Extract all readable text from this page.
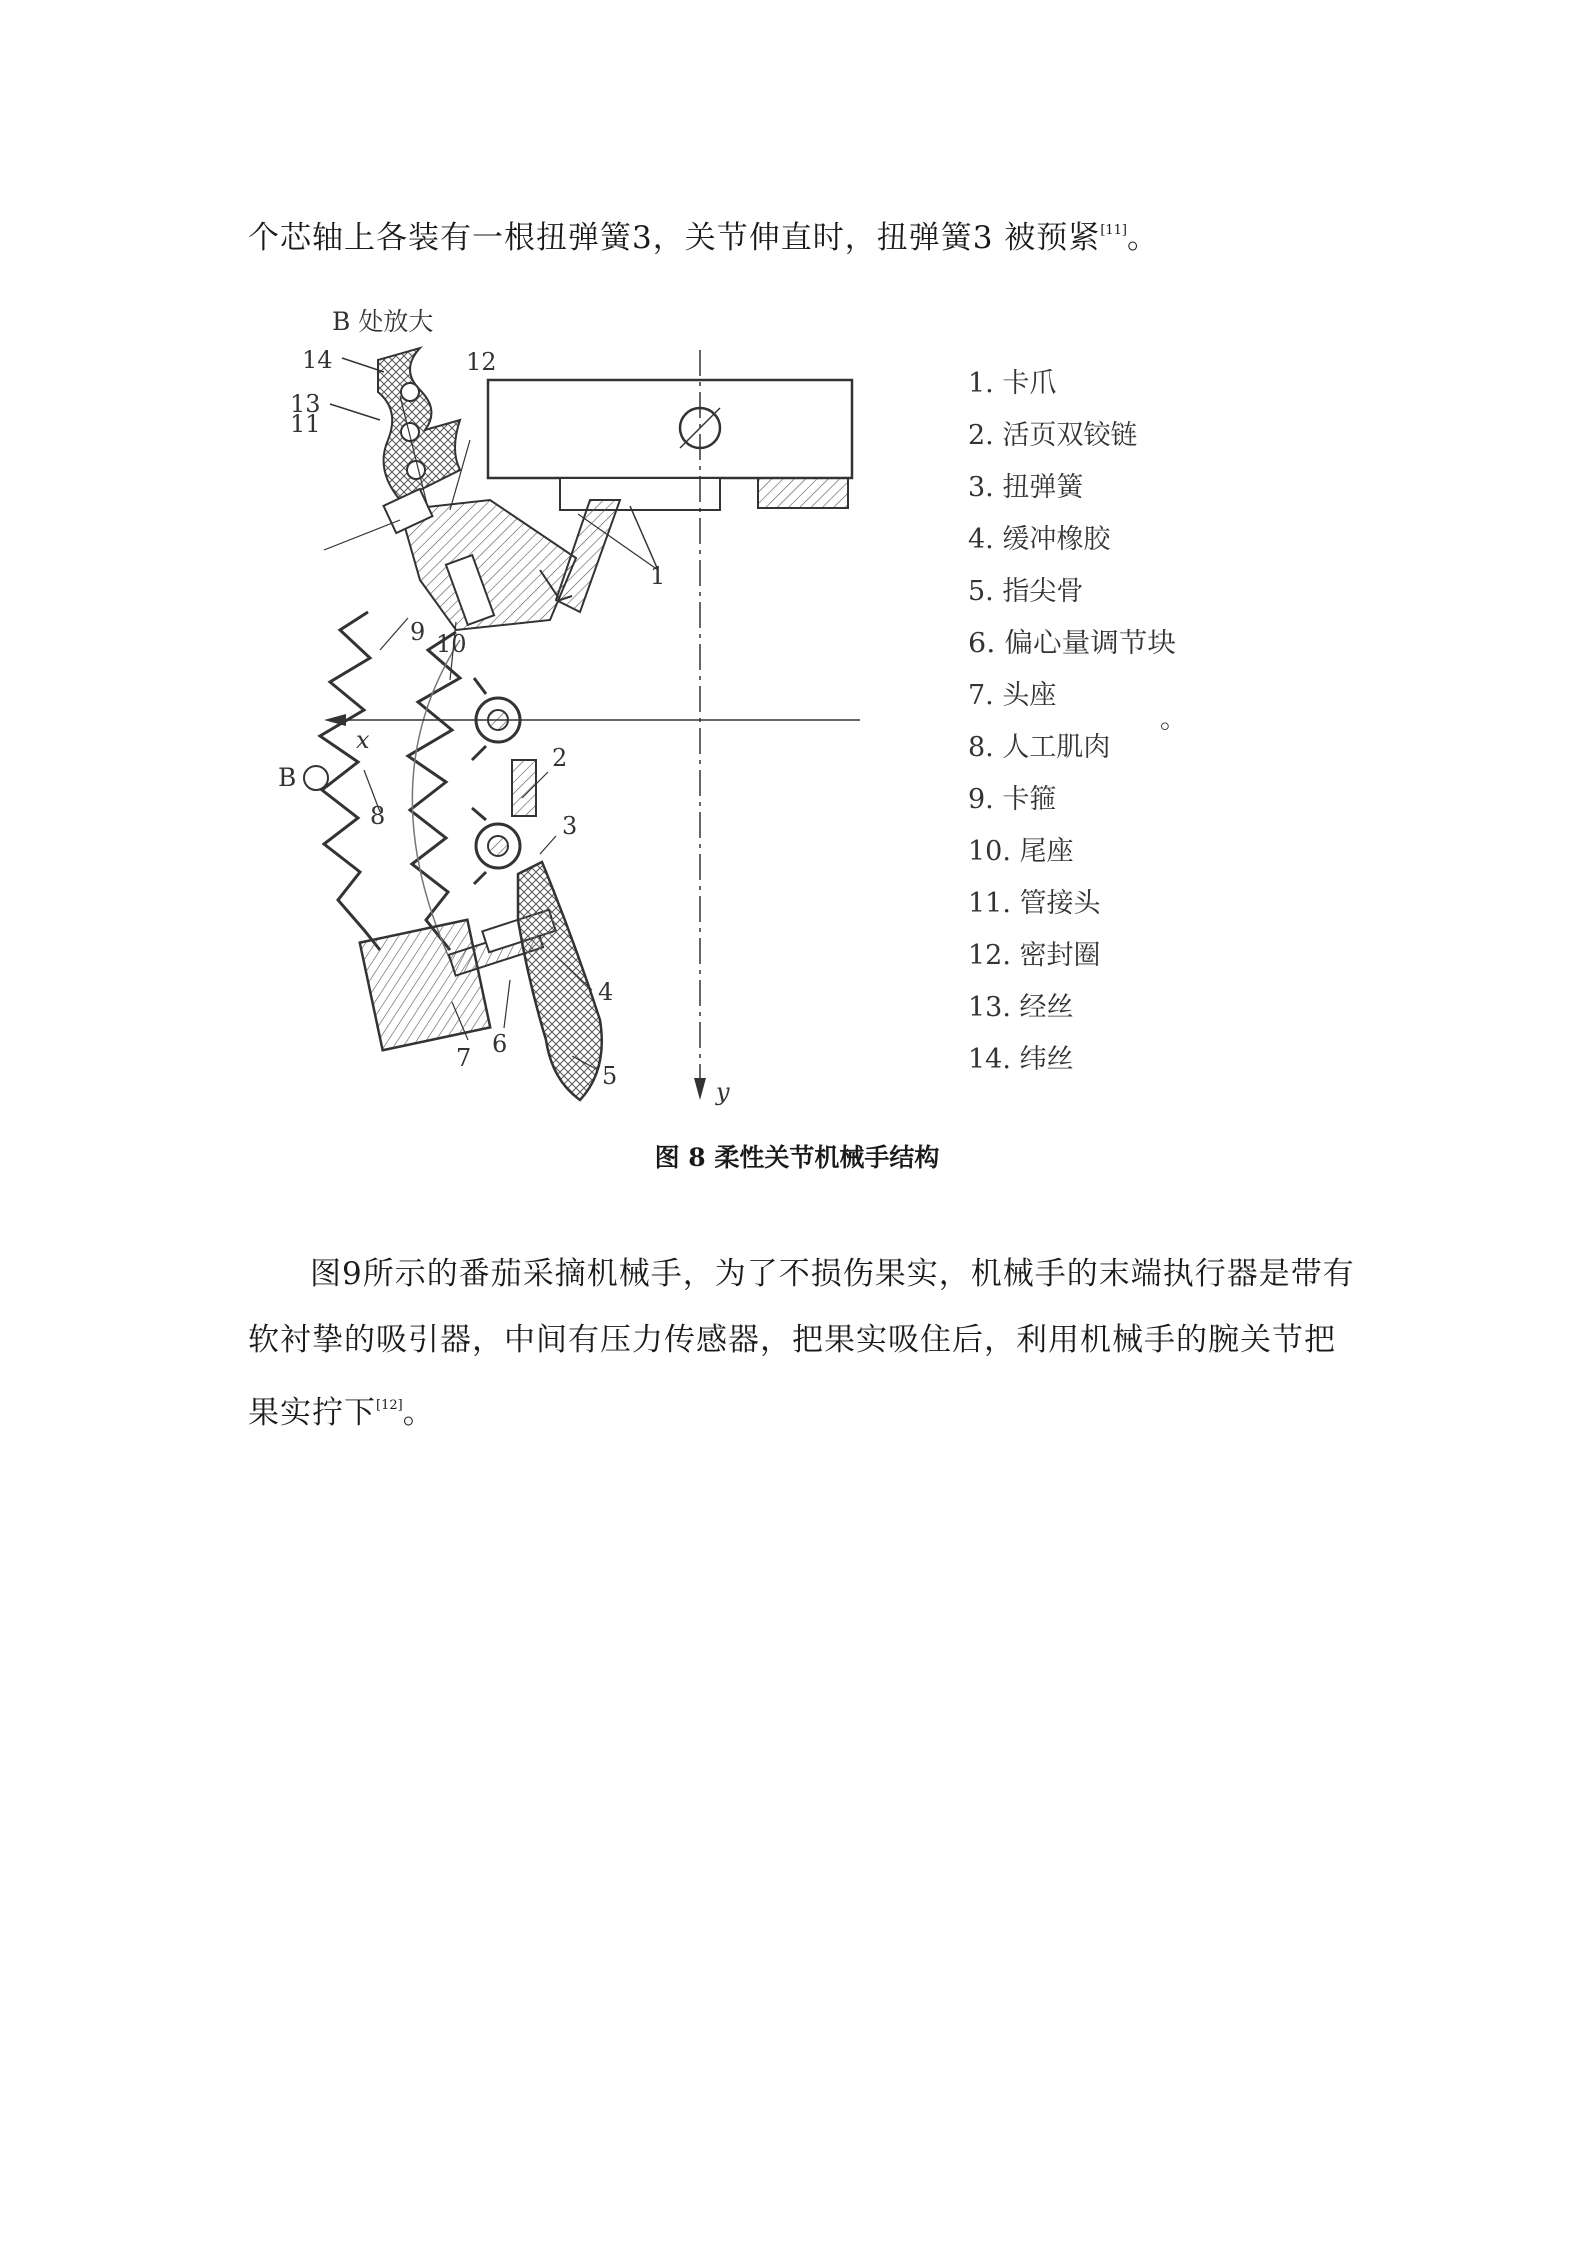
个芯轴上各装有一根扭弹簧3，关节伸直时，扭弹簧3 被预紧[11]。

B 处放大
14
13
y
x
B
12
11
1
9 10
2
3
8
4
6
5
7
1. 卡爪
2. 活页双铰链
3. 扭弹簧
4. 缓冲橡胶
5. 指尖骨
6. 偏心量调节块
7. 头座
8. 人工肌肉
9. 卡箍
10. 尾座
11. 管接头
12. 密封圈
13. 经丝
14. 纬丝
。

图 8 柔性关节机械手结构

图9所示的番茄采摘机械手，为了不损伤果实，机械手的末端执行器是带有软衬挚的吸引器，中间有压力传感器，把果实吸住后，利用机械手的腕关节把果实拧下[12]。
